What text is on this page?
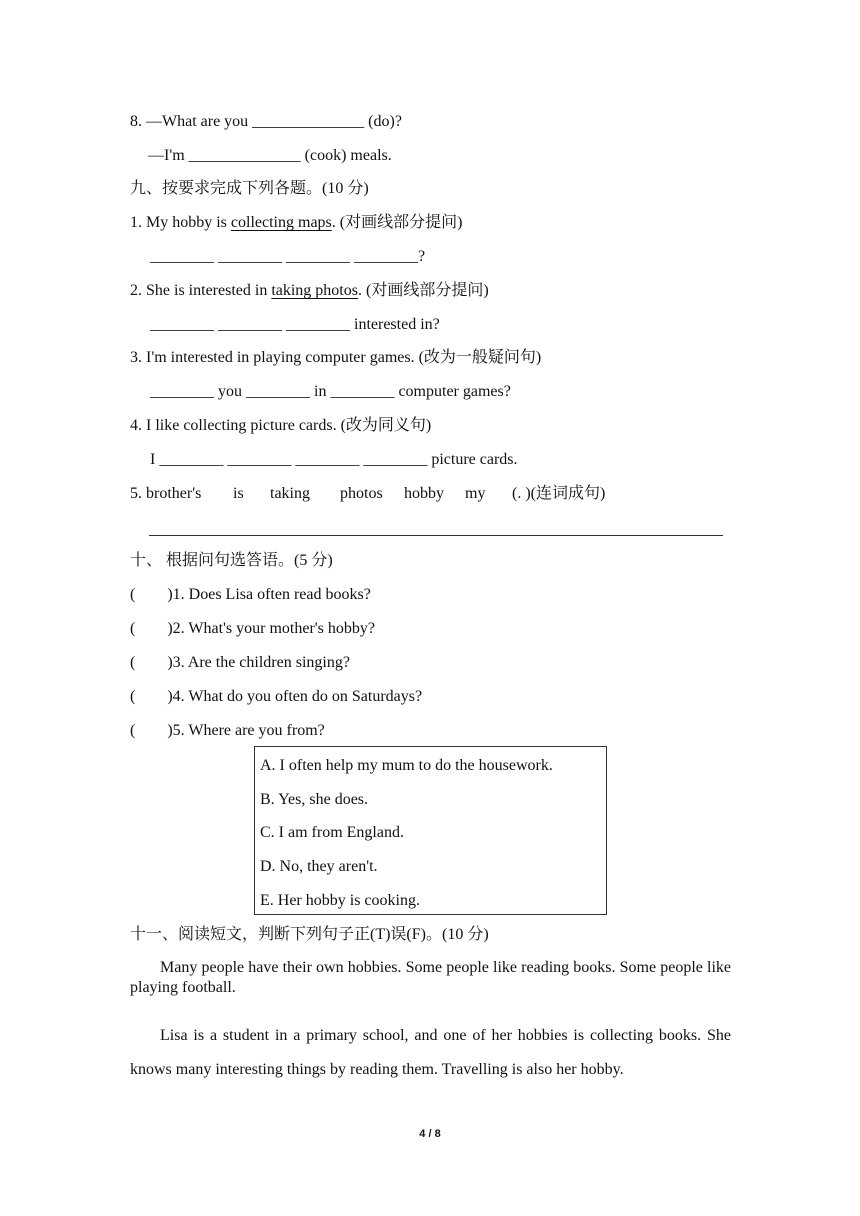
8. —What are you ______________ (do)?
—I'm ______________ (cook) meals.
九、按要求完成下列各题。(10 分)
1. My hobby is collecting maps. (对画线部分提问)
________ ________ ________ ________?
2. She is interested in taking photos. (对画线部分提问)
________ ________ ________ interested in?
3. I'm interested in playing computer games. (改为一般疑问句)
________ you ________ in ________ computer games?
4. I like collecting picture cards. (改为同义句)
I ________ ________ ________ ________ picture cards.
5. brother's is taking photos hobby my (. )(连词成句)
十、 根据问句选答语。(5 分)
(        )1. Does Lisa often read books?
(        )2. What's your mother's hobby?
(        )3. Are the children singing?
(        )4. What do you often do on Saturdays?
(        )5. Where are you from?
A. I often help my mum to do the housework.
B. Yes, she does.
C. I am from England.
D. No, they aren't.
E. Her hobby is cooking.
十一、阅读短文，判断下列句子正(T)误(F)。(10 分)
Many people have their own hobbies. Some people like reading books. Some people like playing football.
Lisa is a student in a primary school, and one of her hobbies is collecting books. She knows many interesting things by reading them. Travelling is also her hobby.
4 / 8
